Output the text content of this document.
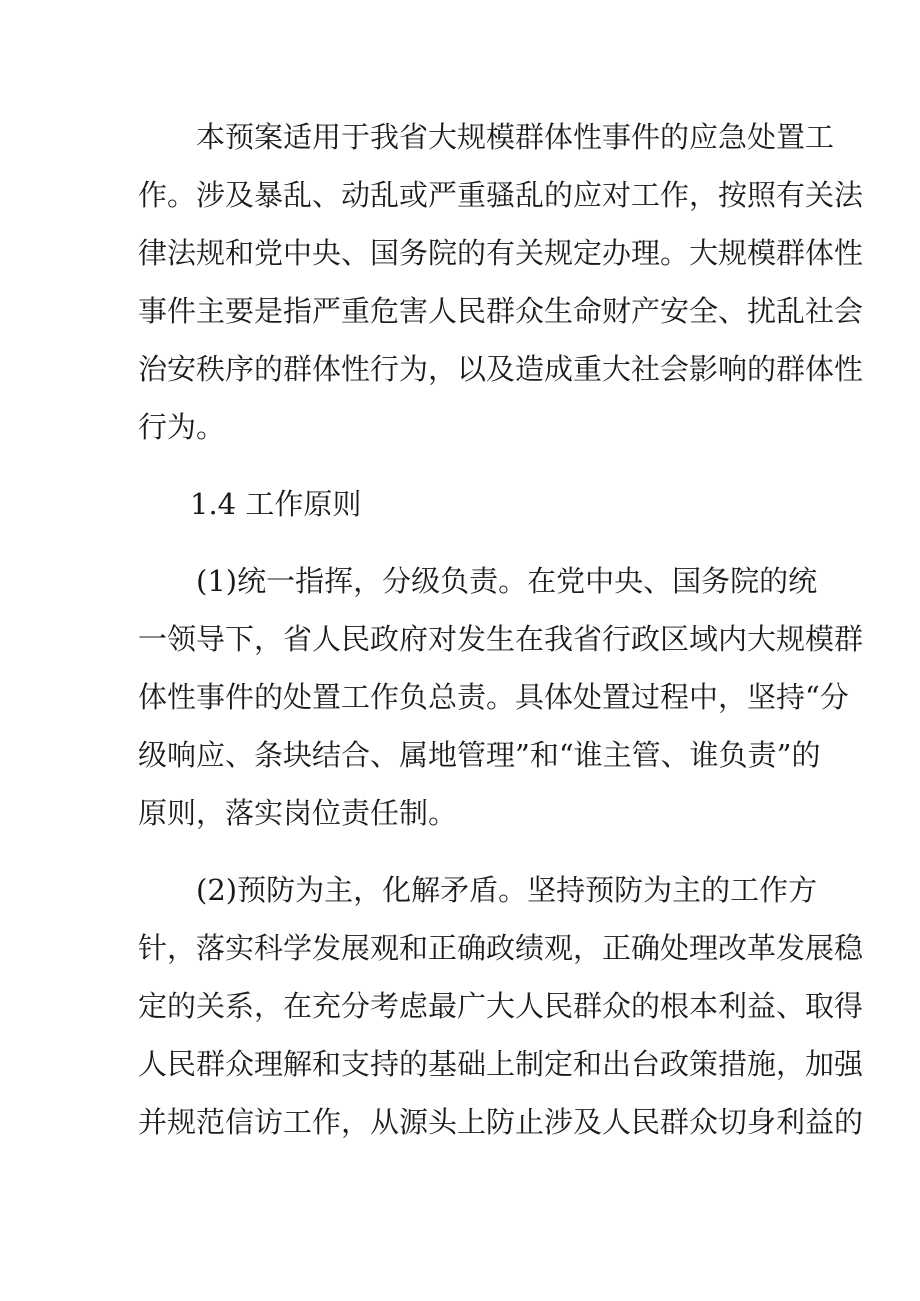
本预案适用于我省大规模群体性事件的应急处置工
作。涉及暴乱、动乱或严重骚乱的应对工作，按照有关法
律法规和党中央、国务院的有关规定办理。大规模群体性
事件主要是指严重危害人民群众生命财产安全、扰乱社会
治安秩序的群体性行为，以及造成重大社会影响的群体性
行为。
1.4 工作原则
(1)统一指挥，分级负责。在党中央、国务院的统
一领导下，省人民政府对发生在我省行政区域内大规模群
体性事件的处置工作负总责。具体处置过程中，坚持“分
级响应、条块结合、属地管理”和“谁主管、谁负责”的
原则，落实岗位责任制。
(2)预防为主，化解矛盾。坚持预防为主的工作方
针，落实科学发展观和正确政绩观，正确处理改革发展稳
定的关系，在充分考虑最广大人民群众的根本利益、取得
人民群众理解和支持的基础上制定和出台政策措施，加强
并规范信访工作，从源头上防止涉及人民群众切身利益的
